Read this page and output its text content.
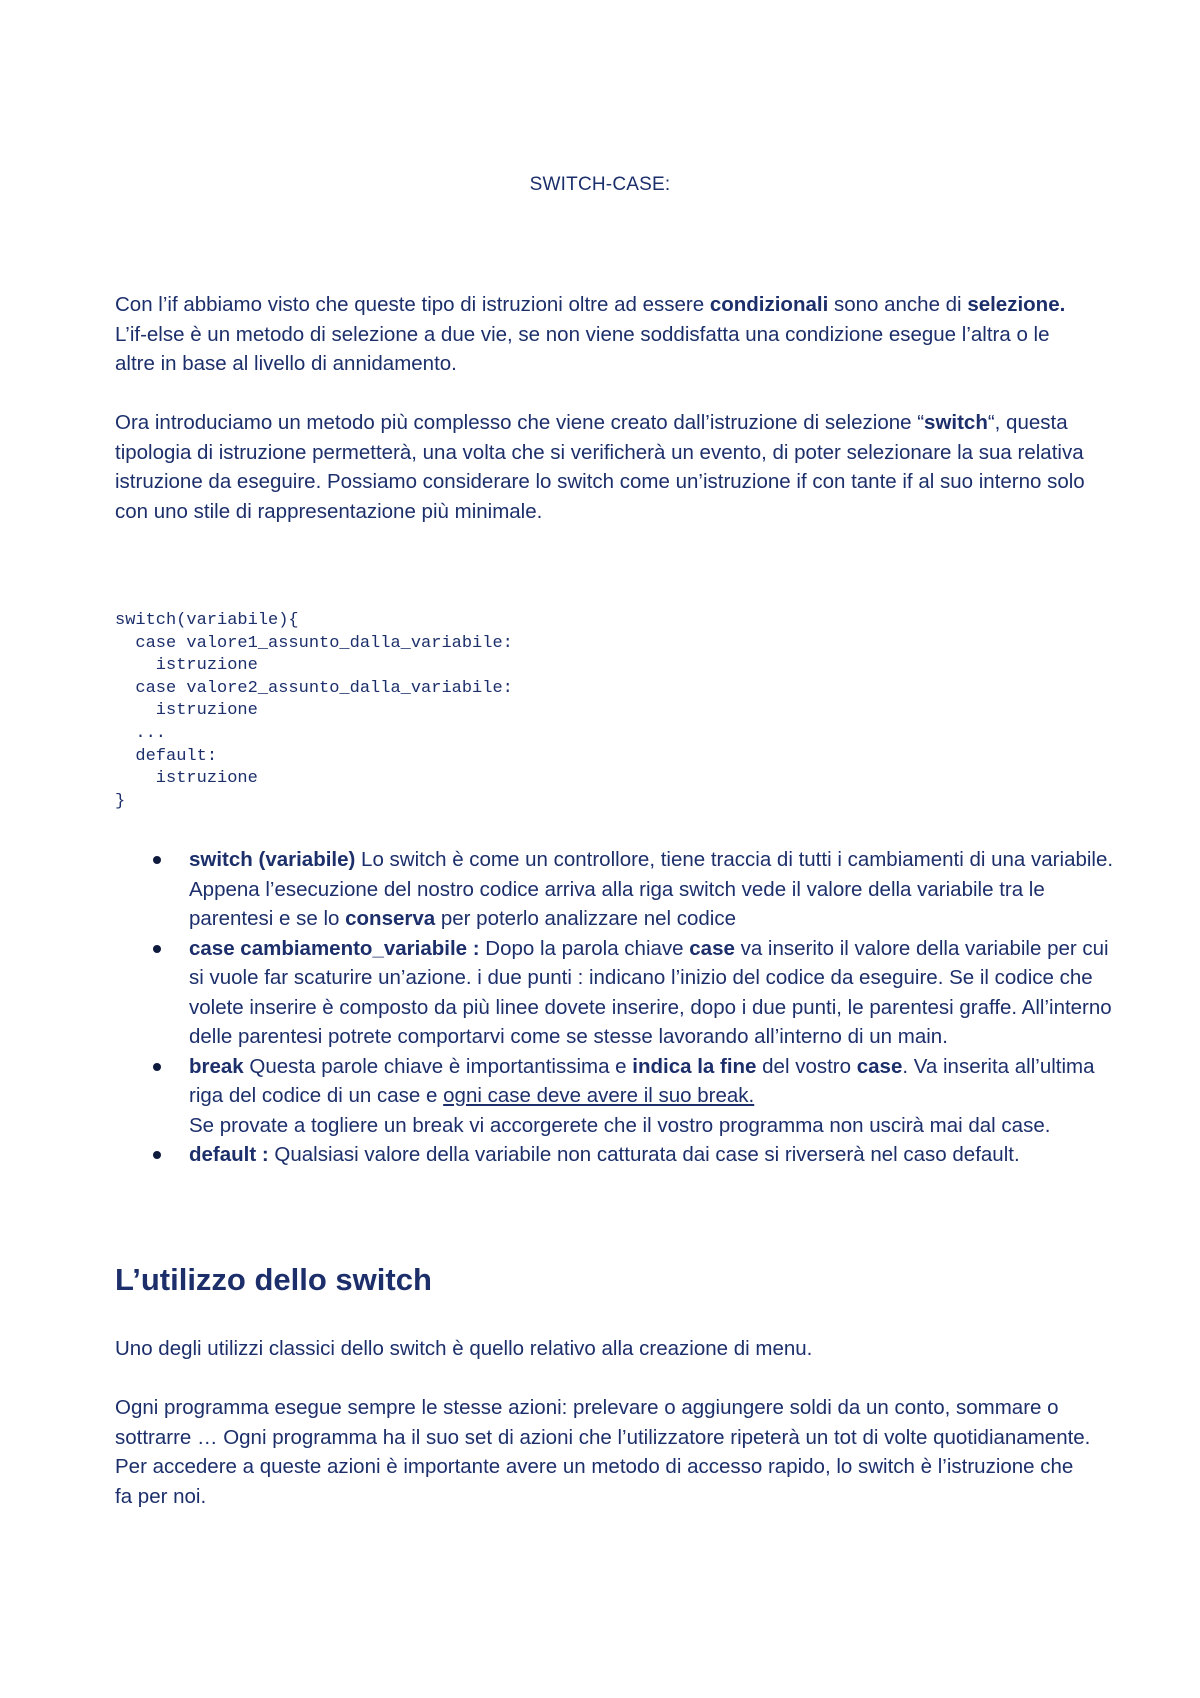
SWITCH-CASE:

Con l’if abbiamo visto che queste tipo di istruzioni oltre ad essere condizionali sono anche di selezione. L’if-else è un metodo di selezione a due vie, se non viene soddisfatta una condizione esegue l’altra o le altre in base al livello di annidamento.

Ora introduciamo un metodo più complesso che viene creato dall’istruzione di selezione “switch“, questa tipologia di istruzione permetterà, una volta che si verificherà un evento, di poter selezionare la sua relativa istruzione da eseguire. Possiamo considerare lo switch come un’istruzione if con tante if al suo interno solo con uno stile di rappresentazione più minimale.

switch(variabile){
case valore1_assunto_dalla_variabile:
istruzione
case valore2_assunto_dalla_variabile:
istruzione
...
default:
istruzione
}
switch (variabile) Lo switch è come un controllore, tiene traccia di tutti i cambiamenti di una variabile. Appena l’esecuzione del nostro codice arriva alla riga switch vede il valore della variabile tra le parentesi e se lo conserva per poterlo analizzare nel codice
case cambiamento_variabile : Dopo la parola chiave case va inserito il valore della variabile per cui si vuole far scaturire un’azione. i due punti : indicano l’inizio del codice da eseguire. Se il codice che volete inserire è composto da più linee dovete inserire, dopo i due punti, le parentesi graffe. All’interno delle parentesi potrete comportarvi come se stesse lavorando all’interno di un main.
break Questa parole chiave è importantissima e indica la fine del vostro case. Va inserita all’ultima riga del codice di un case e ogni case deve avere il suo break.
Se provate a togliere un break vi accorgerete che il vostro programma non uscirà mai dal case.
default : Qualsiasi valore della variabile non catturata dai case si riverserà nel caso default.
L’utilizzo dello switch

Uno degli utilizzi classici dello switch è quello relativo alla creazione di menu.

Ogni programma esegue sempre le stesse azioni: prelevare o aggiungere soldi da un conto, sommare o sottrarre … Ogni programma ha il suo set di azioni che l’utilizzatore ripeterà un tot di volte quotidianamente. Per accedere a queste azioni è importante avere un metodo di accesso rapido, lo switch è l’istruzione che fa per noi.
